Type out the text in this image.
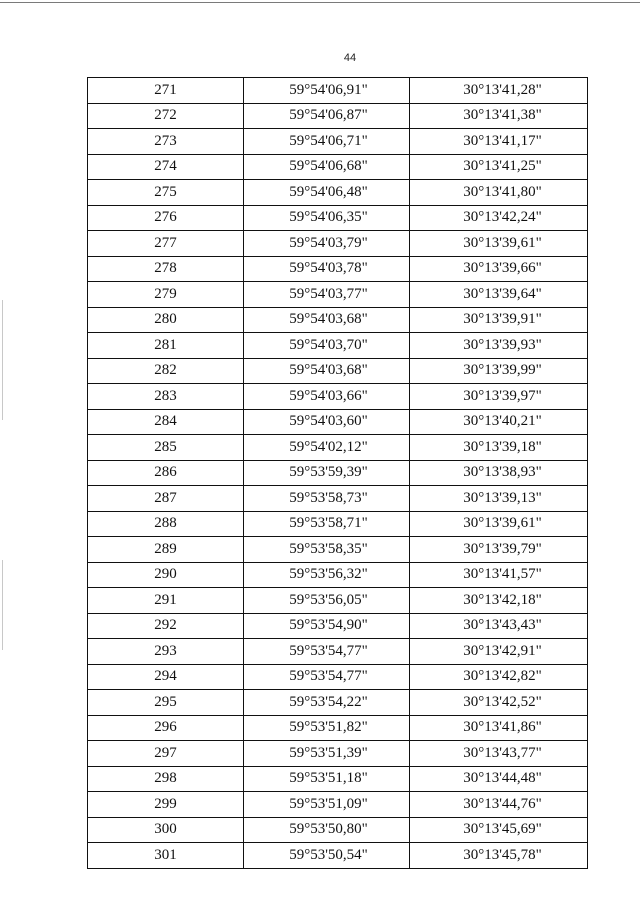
44
271	59°54'06,91"	30°13'41,28"
272	59°54'06,87"	30°13'41,38"
273	59°54'06,71"	30°13'41,17"
274	59°54'06,68"	30°13'41,25"
275	59°54'06,48"	30°13'41,80"
276	59°54'06,35"	30°13'42,24"
277	59°54'03,79"	30°13'39,61"
278	59°54'03,78"	30°13'39,66"
279	59°54'03,77"	30°13'39,64"
280	59°54'03,68"	30°13'39,91"
281	59°54'03,70"	30°13'39,93"
282	59°54'03,68"	30°13'39,99"
283	59°54'03,66"	30°13'39,97"
284	59°54'03,60"	30°13'40,21"
285	59°54'02,12"	30°13'39,18"
286	59°53'59,39"	30°13'38,93"
287	59°53'58,73"	30°13'39,13"
288	59°53'58,71"	30°13'39,61"
289	59°53'58,35"	30°13'39,79"
290	59°53'56,32"	30°13'41,57"
291	59°53'56,05"	30°13'42,18"
292	59°53'54,90"	30°13'43,43"
293	59°53'54,77"	30°13'42,91"
294	59°53'54,77"	30°13'42,82"
295	59°53'54,22"	30°13'42,52"
296	59°53'51,82"	30°13'41,86"
297	59°53'51,39"	30°13'43,77"
298	59°53'51,18"	30°13'44,48"
299	59°53'51,09"	30°13'44,76"
300	59°53'50,80"	30°13'45,69"
301	59°53'50,54"	30°13'45,78"
